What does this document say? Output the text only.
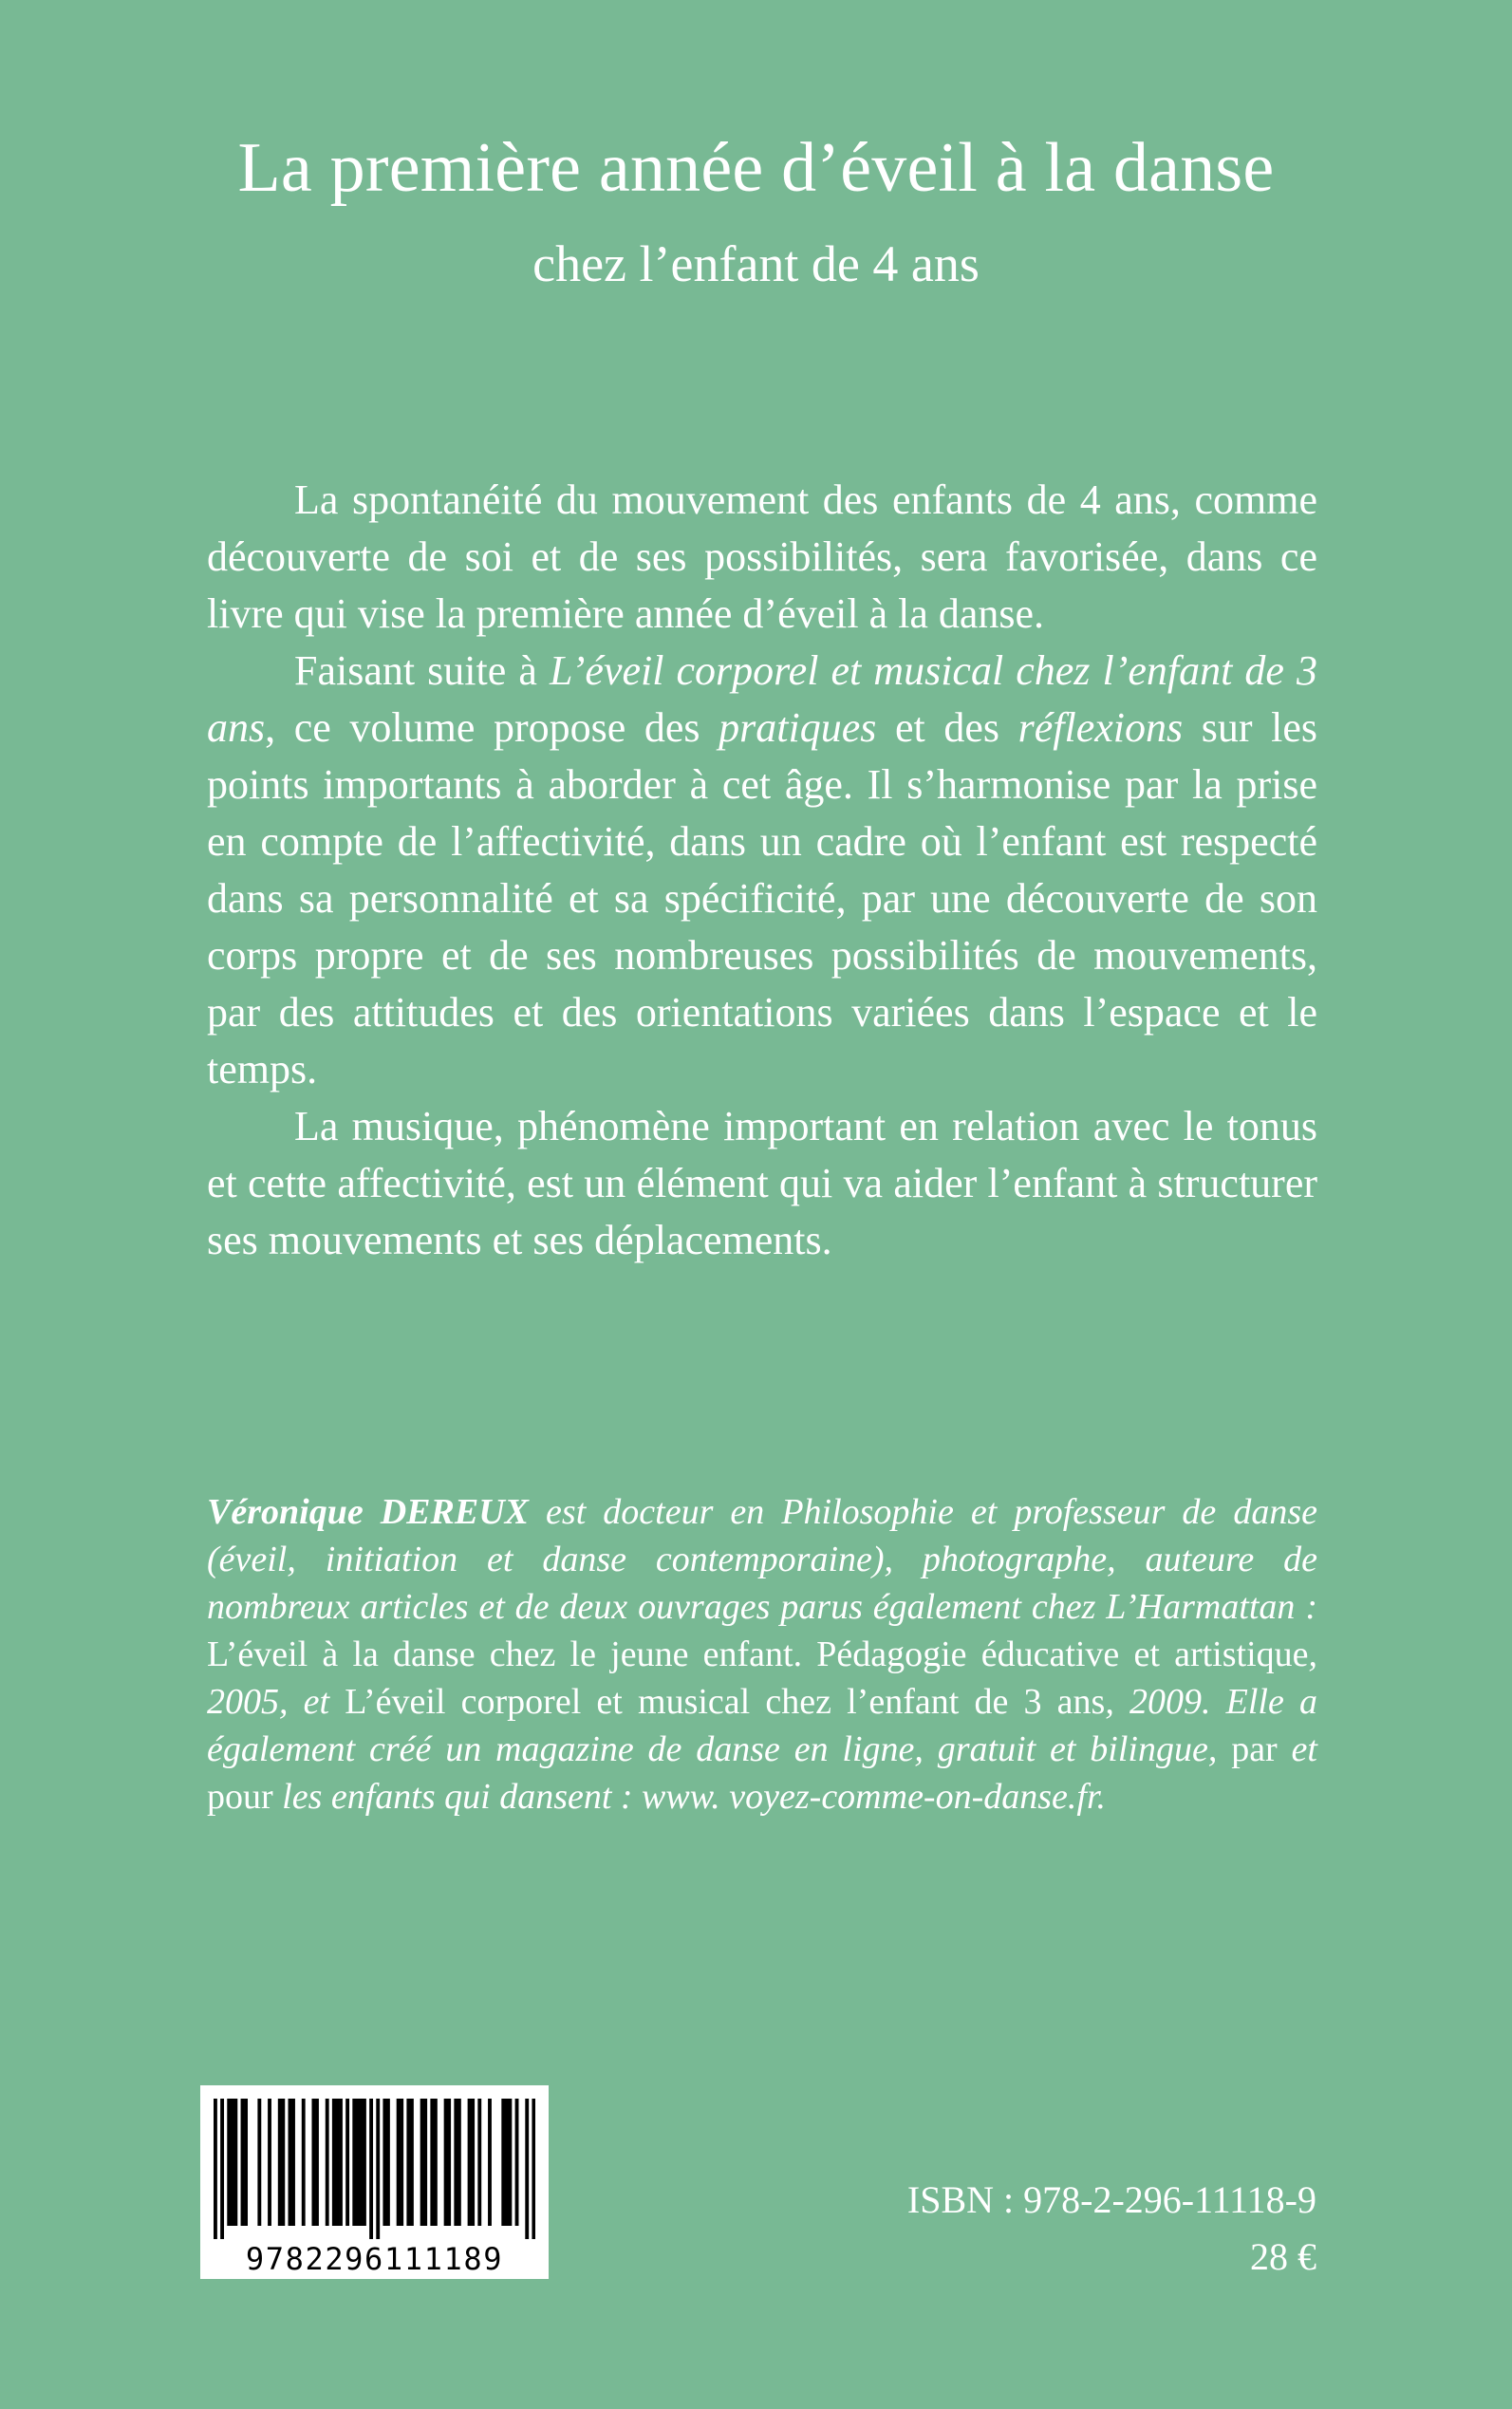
La première année d’éveil à la danse
chez l’enfant de 4 ans

La spontanéité du mouvement des enfants de 4 ans, comme découverte de soi et de ses possibilités, sera favorisée, dans ce livre qui vise la première année d’éveil à la danse.

Faisant suite à L’éveil corporel et musical chez l’enfant de 3 ans, ce volume propose des pratiques et des réflexions sur les points importants à aborder à cet âge. Il s’harmonise par la prise en compte de l’affectivité, dans un cadre où l’enfant est respecté dans sa personnalité et sa spécificité, par une découverte de son corps propre et de ses nombreuses possibilités de mouvements, par des attitudes et des orientations variées dans l’espace et le temps.

La musique, phénomène important en relation avec le tonus et cette affectivité, est un élément qui va aider l’enfant à structurer ses mouvements et ses déplacements.

Véronique DEREUX est docteur en Philosophie et professeur de danse (éveil, initiation et danse contemporaine), photographe, auteure de nombreux articles et de deux ouvrages parus également chez L’Harmattan : L’éveil à la danse chez le jeune enfant. Pédagogie éducative et artistique, 2005, et L’éveil corporel et musical chez l’enfant de 3 ans, 2009. Elle a également créé un magazine de danse en ligne, gratuit et bilingue, par et pour les enfants qui dansent : www. voyez-comme-on-danse.fr.

9782296111189
ISBN : 978-2-296-11118-9
28 €
